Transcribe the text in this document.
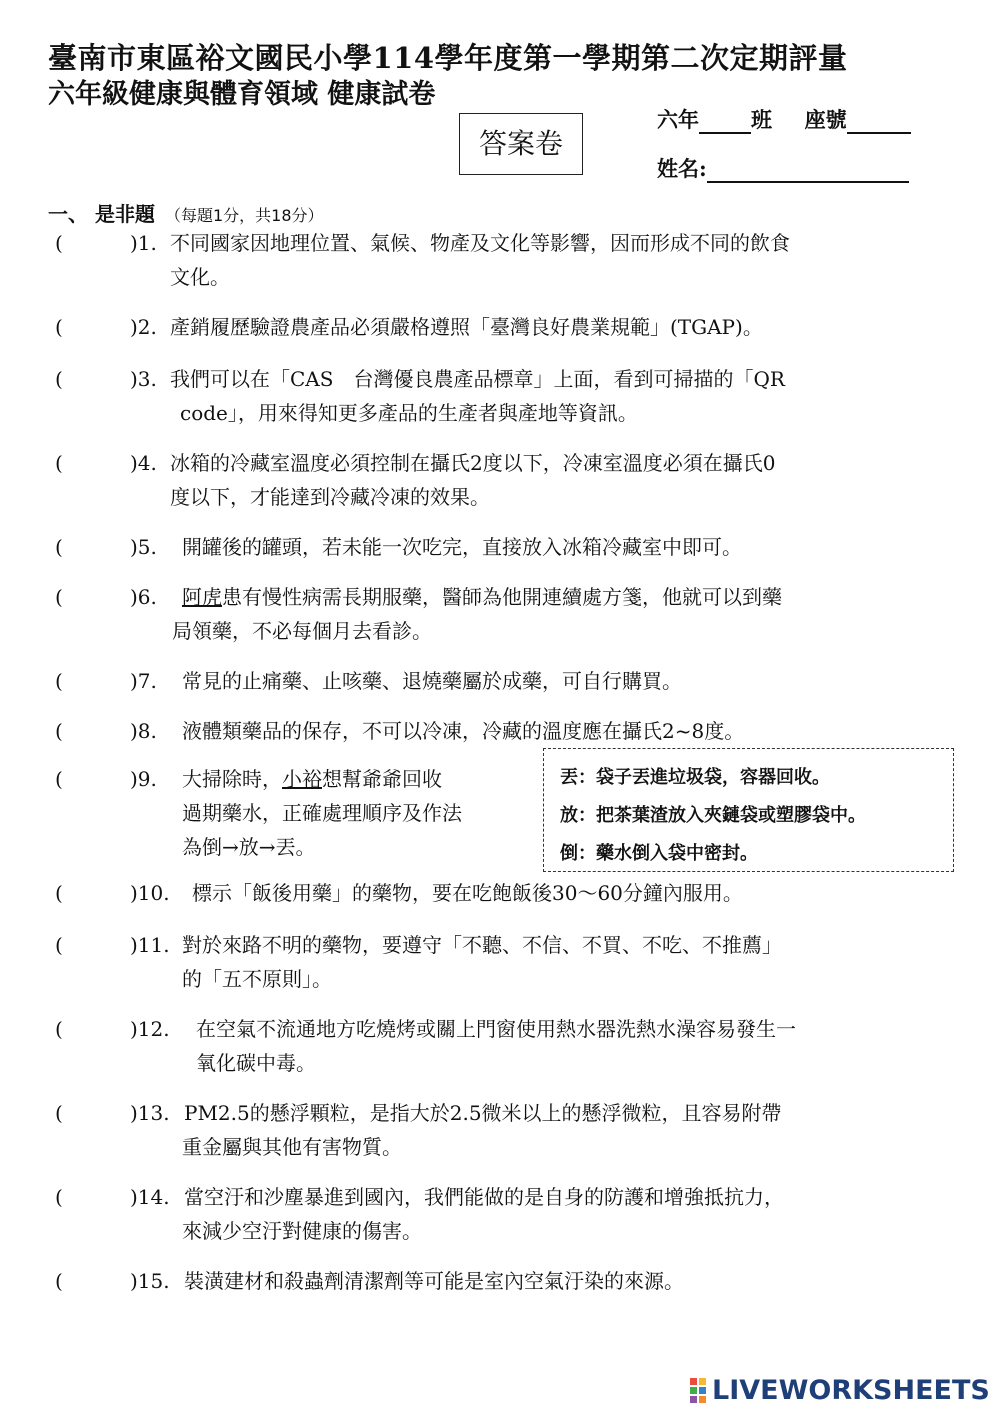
臺南市東區裕文國民小學114學年度第一學期第二次定期評量
六年級健康與體育領域 健康試卷
答案卷
六年 班 座號
姓名:
一、 是非題 （每題1分，共18分）
(	)1. 不同國家因地理位置、氣候、物產及文化等影響，因而形成不同的飲食
文化。
(	)2. 產銷履歷驗證農產品必須嚴格遵照「臺灣良好農業規範」(TGAP)。
(	)3. 我們可以在「CAS　台灣優良農產品標章」上面，看到可掃描的「QR
code」，用來得知更多產品的生產者與產地等資訊。
(	)4. 冰箱的冷藏室溫度必須控制在攝氏2度以下，冷凍室溫度必須在攝氏0
度以下，才能達到冷藏冷凍的效果。
(	)5. 開罐後的罐頭，若未能一次吃完，直接放入冰箱冷藏室中即可。
(	)6. 阿虎患有慢性病需長期服藥，醫師為他開連續處方箋，他就可以到藥
局領藥，不必每個月去看診。
(	)7. 常見的止痛藥、止咳藥、退燒藥屬於成藥，可自行購買。
(	)8. 液體類藥品的保存，不可以冷凍，冷藏的溫度應在攝氏2~8度。
(	)9. 大掃除時，小裕想幫爺爺回收
過期藥水，正確處理順序及作法
為倒→放→丟。
丟：袋子丟進垃圾袋，容器回收。
放：把茶葉渣放入夾鏈袋或塑膠袋中。
倒：藥水倒入袋中密封。
(	)10. 標示「飯後用藥」的藥物，要在吃飽飯後30～60分鐘內服用。
(	)11. 對於來路不明的藥物，要遵守「不聽、不信、不買、不吃、不推薦」
的「五不原則」。
(	)12. 在空氣不流通地方吃燒烤或關上門窗使用熱水器洗熱水澡容易發生一
氧化碳中毒。
(	)13. PM2.5的懸浮顆粒，是指大於2.5微米以上的懸浮微粒，且容易附帶
重金屬與其他有害物質。
(	)14. 當空汙和沙塵暴進到國內，我們能做的是自身的防護和增強抵抗力，
來減少空汙對健康的傷害。
(	)15. 裝潢建材和殺蟲劑清潔劑等可能是室內空氣汙染的來源。
LIVEWORKSHEETS
